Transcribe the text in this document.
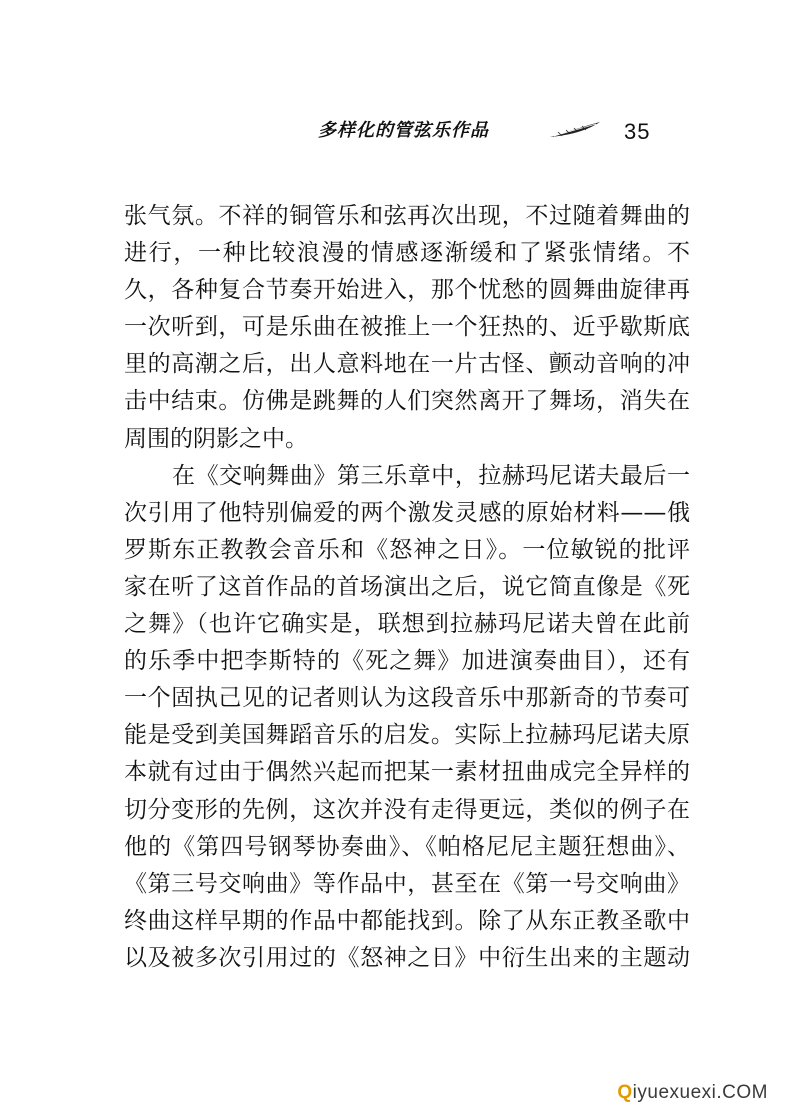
多样化的管弦乐作品	35
张气氛。不祥的铜管乐和弦再次出现，不过随着舞曲的
进行，一种比较浪漫的情感逐渐缓和了紧张情绪。不
久，各种复合节奏开始进入，那个忧愁的圆舞曲旋律再
一次听到，可是乐曲在被推上一个狂热的、近乎歇斯底
里的高潮之后，出人意料地在一片古怪、颤动音响的冲
击中结束。仿佛是跳舞的人们突然离开了舞场，消失在
周围的阴影之中。
在《交响舞曲》第三乐章中，拉赫玛尼诺夫最后一
次引用了他特别偏爱的两个激发灵感的原始材料——俄
罗斯东正教教会音乐和《怒神之日》。一位敏锐的批评
家在听了这首作品的首场演出之后，说它简直像是《死
之舞》（也许它确实是，联想到拉赫玛尼诺夫曾在此前
的乐季中把李斯特的《死之舞》加进演奏曲目），还有
一个固执己见的记者则认为这段音乐中那新奇的节奏可
能是受到美国舞蹈音乐的启发。实际上拉赫玛尼诺夫原
本就有过由于偶然兴起而把某一素材扭曲成完全异样的
切分变形的先例，这次并没有走得更远，类似的例子在
他的《第四号钢琴协奏曲》、《帕格尼尼主题狂想曲》、
《第三号交响曲》等作品中，甚至在《第一号交响曲》
终曲这样早期的作品中都能找到。除了从东正教圣歌中
以及被多次引用过的《怒神之日》中衍生出来的主题动
Qiyuexuexi.COM
